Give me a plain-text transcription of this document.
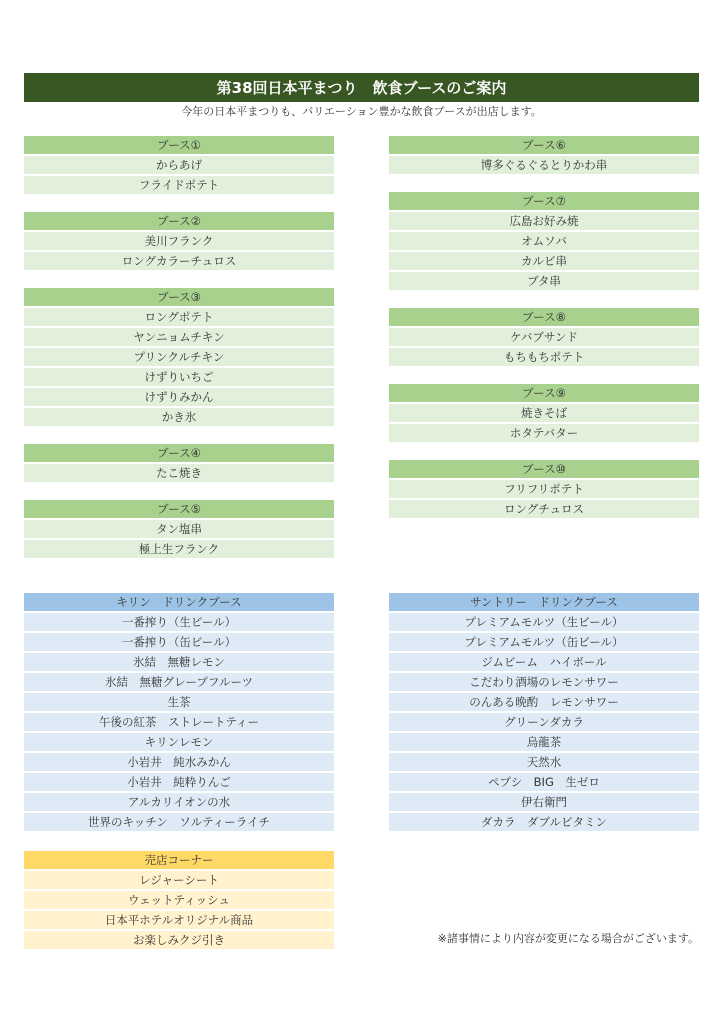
第38回日本平まつり　飲食ブースのご案内
今年の日本平まつりも、バリエーション豊かな飲食ブースが出店します。
ブース①
からあげ
フライドポテト
ブース②
美川フランク
ロングカラーチュロス
ブース③
ロングポテト
ヤンニョムチキン
プリンクルチキン
けずりいちご
けずりみかん
かき氷
ブース④
たこ焼き
ブース⑤
タン塩串
極上生フランク
ブース⑥
博多ぐるぐるとりかわ串
ブース⑦
広島お好み焼
オムソバ
カルビ串
ブタ串
ブース⑧
ケバブサンド
もちもちポテト
ブース⑨
焼きそば
ホタテバター
ブース⑩
フリフリポテト
ロングチュロス
キリン　ドリンクブース
一番搾り（生ビール）
一番搾り（缶ビール）
氷結　無糖レモン
氷結　無糖グレープフルーツ
生茶
午後の紅茶　ストレートティー
キリンレモン
小岩井　純水みかん
小岩井　純粋りんご
アルカリイオンの水
世界のキッチン　ソルティーライチ
サントリー　ドリンクブース
プレミアムモルツ（生ビール）
プレミアムモルツ（缶ビール）
ジムビーム　ハイボール
こだわり酒場のレモンサワー
のんある晩酌　レモンサワー
グリーンダカラ
烏龍茶
天然水
ペプシ　BIG　生ゼロ
伊右衛門
ダカラ　ダブルビタミン
売店コーナー
レジャーシート
ウェットティッシュ
日本平ホテルオリジナル商品
お楽しみクジ引き	※諸事情により内容が変更になる場合がございます。
